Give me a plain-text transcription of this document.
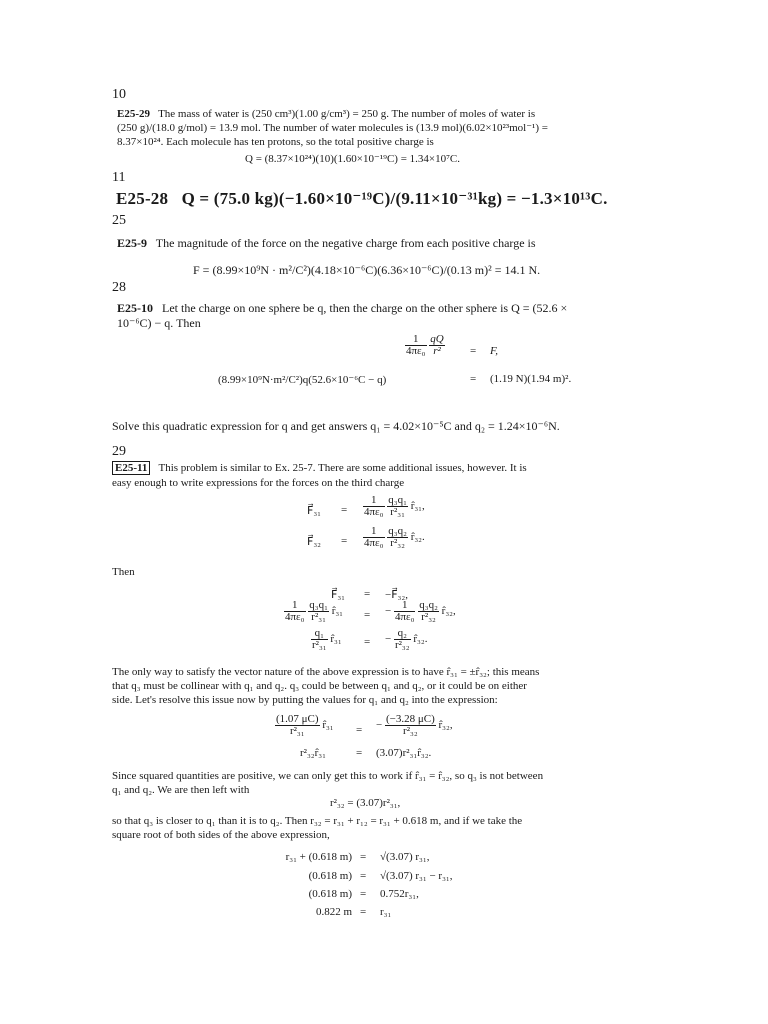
10
E25-29 The mass of water is (250 cm³)(1.00 g/cm³) = 250 g. The number of moles of water is
(250 g)/(18.0 g/mol) = 13.9 mol. The number of water molecules is (13.9 mol)(6.02×10²³mol⁻¹) =
8.37×10²⁴. Each molecule has ten protons, so the total positive charge is
Q = (8.37×10²⁴)(10)(1.60×10⁻¹⁹C) = 1.34×10⁷C.
11
E25-28 Q = (75.0 kg)(−1.60×10⁻¹⁹C)/(9.11×10⁻³¹kg) = −1.3×10¹³C.
25
E25-9 The magnitude of the force on the negative charge from each positive charge is
F = (8.99×10⁹N · m²/C²)(4.18×10⁻⁶C)(6.36×10⁻⁶C)/(0.13 m)² = 14.1 N.
28
E25-10 Let the charge on one sphere be q, then the charge on the other sphere is Q = (52.6 ×
10⁻⁶C) − q. Then
$\frac{1}{\text{4πε₀}}$
$\frac{qQ}{\text{r²}} = F$,
(8.99×10⁹N·m²/C²)q(52.6×10⁻⁶C − q)	= (1.19 N)(1.94 m)².
Solve this quadratic expression for q and get answers q₁ = 4.02×10⁻⁵C and q₂ = 1.24×10⁻⁶N.
29
E25-11 This problem is similar to Ex. 25-7. There are some additional issues, however. It is
easy enough to write expressions for the forces on the third charge
F⃗₃₁ = $\frac{1}{\text{4πε₀}}$
$\frac{\text{q₃q₁}}{\text{r²₃₁}}$ r̂₃₁,
F⃗₃₂ = $\frac{1}{\text{4πε₀}}$
$\frac{\text{q₃q₂}}{\text{r²₃₂}}$ r̂₃₂.
Then
F⃗₃₁ = −F⃗₃₂,
$\frac{1}{\text{4πε₀}}$
$\frac{\text{q₃q₁}}{\text{r²₃₁}}$ r̂₃₁ = − $\frac{1}{\text{4πε₀}}$
$\frac{\text{q₃q₂}}{\text{r²₃₂}}$ r̂₃₂,
$\frac{\text{q₁}}{\text{r²₃₁}}$ r̂₃₁ = − $\frac{\text{q₂}}{\text{r²₃₂}}$ r̂₃₂.
The only way to satisfy the vector nature of the above expression is to have r̂₃₁ = ±r̂₃₂; this means
that q₃ must be collinear with q₁ and q₂. q₃ could be between q₁ and q₂, or it could be on either
side. Let's resolve this issue now by putting the values for q₁ and q₂ into the expression:
$\frac{(1.07 \mu C)}{\text{r²₃₁}}$ r̂₃₁ = − $\frac{(-3.28 \mu C)}{\text{r²₃₂}}$ r̂₃₂,
r²₃₂r̂₃₁	= (3.07)r²₃₁r̂₃₂.
Since squared quantities are positive, we can only get this to work if r̂₃₁ = r̂₃₂, so q₃ is not between
q₁ and q₂. We are then left with
r²₃₂ = (3.07)r²₃₁,
so that q₃ is closer to q₁ than it is to q₂. Then r₃₂ = r₃₁ + r₁₂ = r₃₁ + 0.618 m, and if we take the
square root of both sides of the above expression,
r₃₁ + (0.618 m) = √(3.07) r₃₁,
(0.618 m) = √(3.07) r₃₁ − r₃₁,
(0.618 m) = 0.752r₃₁,
0.822 m = r₃₁
